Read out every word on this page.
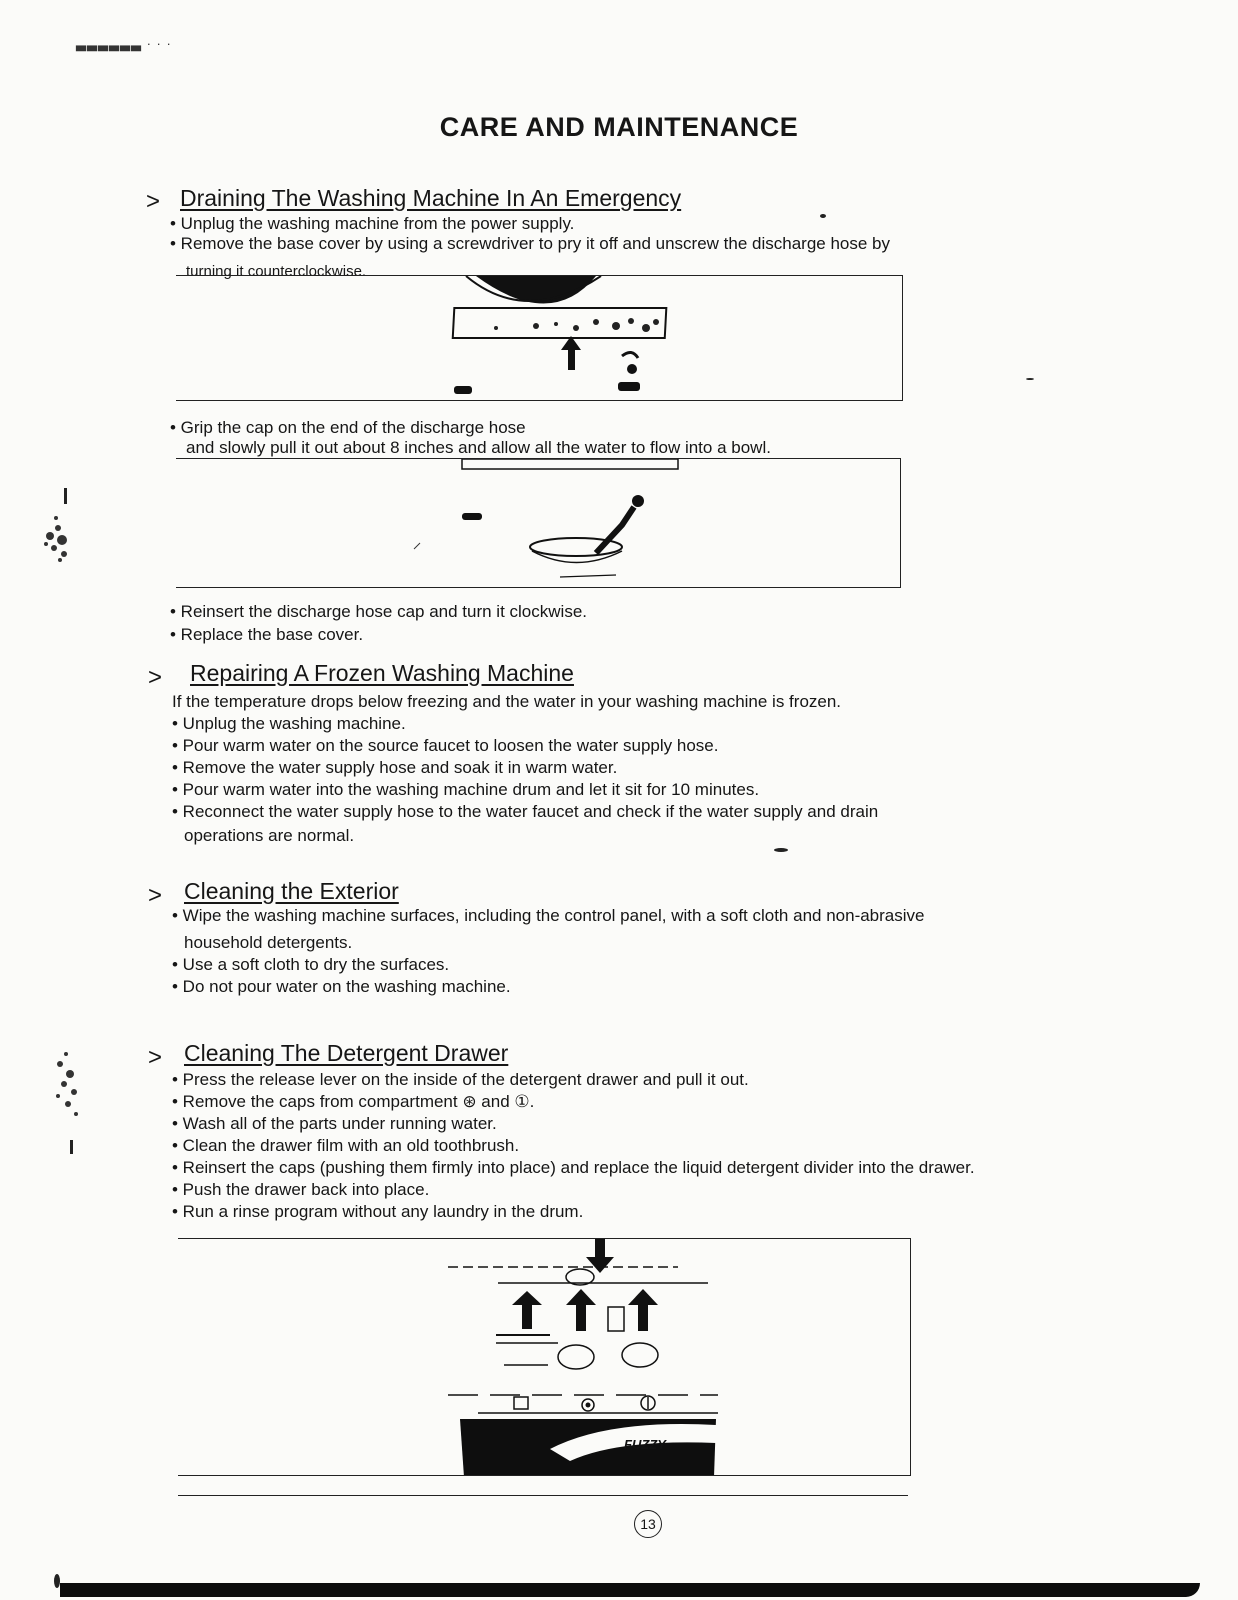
▃▃▃▃▃▃ · · ·
CARE AND MAINTENANCE
> Draining The Washing Machine In An Emergency
• Unplug the washing machine from the power supply.
• Remove the base cover by using a screwdriver to pry it off and unscrew the discharge hose by
turning it counterclockwise.
• Grip the cap on the end of the discharge hose
and slowly pull it out about 8 inches and allow all the water to flow into a bowl.
• Reinsert the discharge hose cap and turn it clockwise.
• Replace the base cover.
> Repairing A Frozen Washing Machine
If the temperature drops below freezing and the water in your washing machine is frozen.
• Unplug the washing machine.
• Pour warm water on the source faucet to loosen the water supply hose.
• Remove the water supply hose and soak it in warm water.
• Pour warm water into the washing machine drum and let it sit for 10 minutes.
• Reconnect the water supply hose to the water faucet and check if the water supply and drain
operations are normal.
> Cleaning the Exterior
• Wipe the washing machine surfaces, including the control panel, with a soft cloth and non-abrasive
household detergents.
• Use a soft cloth to dry the surfaces.
• Do not pour water on the washing machine.
> Cleaning The Detergent Drawer
• Press the release lever on the inside of the detergent drawer and pull it out.
• Remove the caps from compartment ⊛ and ①.
• Wash all of the parts under running water.
• Clean the drawer film with an old toothbrush.
• Reinsert the caps (pushing them firmly into place) and replace the liquid detergent divider into the drawer.
• Push the drawer back into place.
• Run a rinse program without any laundry in the drum.
FUZZY
13
